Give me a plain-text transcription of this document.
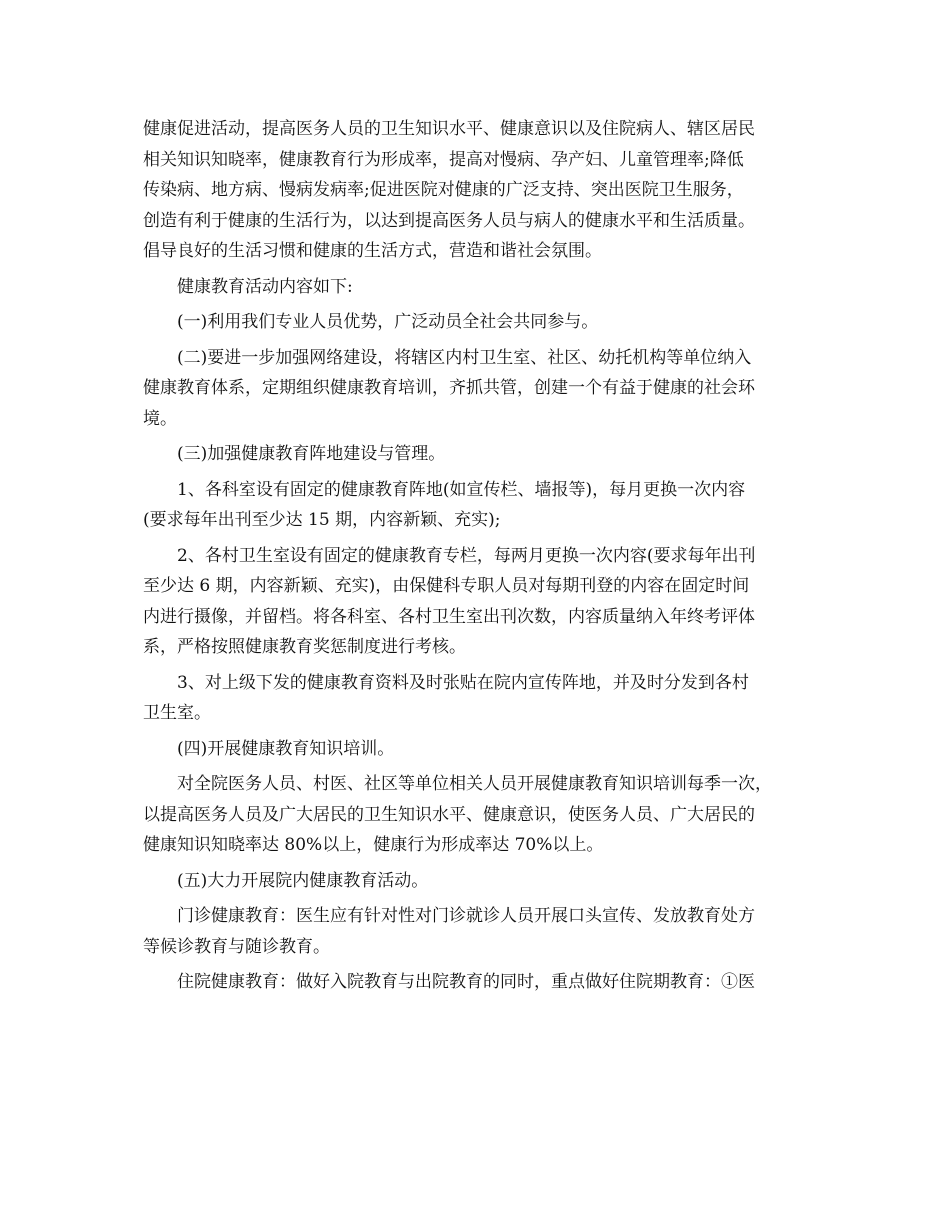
健康促进活动，提高医务人员的卫生知识水平、健康意识以及住院病人、辖区居民
相关知识知晓率，健康教育行为形成率，提高对慢病、孕产妇、儿童管理率;降低
传染病、地方病、慢病发病率;促进医院对健康的广泛支持、突出医院卫生服务，
创造有利于健康的生活行为，以达到提高医务人员与病人的健康水平和生活质量。
倡导良好的生活习惯和健康的生活方式，营造和谐社会氛围。
健康教育活动内容如下:
(一)利用我们专业人员优势，广泛动员全社会共同参与。
(二)要进一步加强网络建设，将辖区内村卫生室、社区、幼托机构等单位纳入
健康教育体系，定期组织健康教育培训，齐抓共管，创建一个有益于健康的社会环
境。
(三)加强健康教育阵地建设与管理。
1、各科室设有固定的健康教育阵地(如宣传栏、墙报等)，每月更换一次内容
(要求每年出刊至少达 15 期，内容新颖、充实);
2、各村卫生室设有固定的健康教育专栏，每两月更换一次内容(要求每年出刊
至少达 6 期，内容新颖、充实)，由保健科专职人员对每期刊登的内容在固定时间
内进行摄像，并留档。将各科室、各村卫生室出刊次数，内容质量纳入年终考评体
系，严格按照健康教育奖惩制度进行考核。
3、对上级下发的健康教育资料及时张贴在院内宣传阵地，并及时分发到各村
卫生室。
(四)开展健康教育知识培训。
对全院医务人员、村医、社区等单位相关人员开展健康教育知识培训每季一次，
以提高医务人员及广大居民的卫生知识水平、健康意识，使医务人员、广大居民的
健康知识知晓率达 80%以上，健康行为形成率达 70%以上。
(五)大力开展院内健康教育活动。
门诊健康教育：医生应有针对性对门诊就诊人员开展口头宣传、发放教育处方
等候诊教育与随诊教育。
住院健康教育：做好入院教育与出院教育的同时，重点做好住院期教育：①医
